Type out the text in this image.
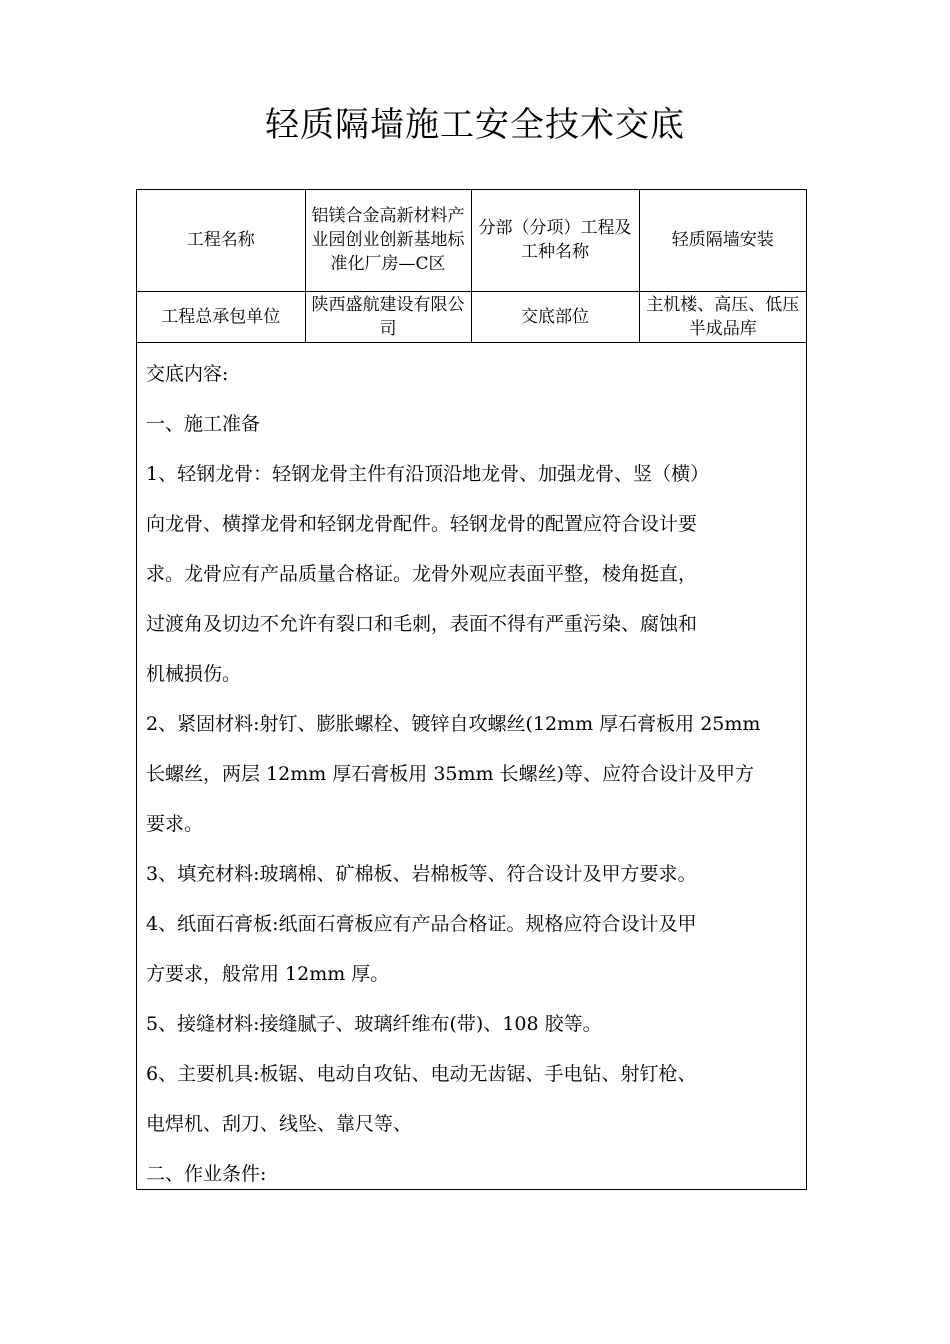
轻质隔墙施工安全技术交底
工程名称	铝镁合金高新材料产业园创业创新基地标准化厂房—C区	分部（分项）工程及工种名称	轻质隔墙安装
工程总承包单位	陕西盛航建设有限公司	交底部位	主机楼、高压、低压半成品库

交底内容:

一、施工准备

1、轻钢龙骨：轻钢龙骨主件有沿顶沿地龙骨、加强龙骨、竖（横）

向龙骨、横撑龙骨和轻钢龙骨配件。轻钢龙骨的配置应符合设计要

求。龙骨应有产品质量合格证。龙骨外观应表面平整，棱角挺直，

过渡角及切边不允许有裂口和毛刺，表面不得有严重污染、腐蚀和

机械损伤。

2、紧固材料:射钉、膨胀螺栓、镀锌自攻螺丝(12mm 厚石膏板用 25mm

长螺丝，两层 12mm 厚石膏板用 35mm 长螺丝)等、应符合设计及甲方

要求。

3、填充材料:玻璃棉、矿棉板、岩棉板等、符合设计及甲方要求。

4、纸面石膏板:纸面石膏板应有产品合格证。规格应符合设计及甲

方要求，般常用 12mm 厚。

5、接缝材料:接缝腻子、玻璃纤维布(带)、108 胶等。

6、主要机具:板锯、电动自攻钻、电动无齿锯、手电钻、射钉枪、

电焊机、刮刀、线坠、靠尺等、

二、作业条件:
